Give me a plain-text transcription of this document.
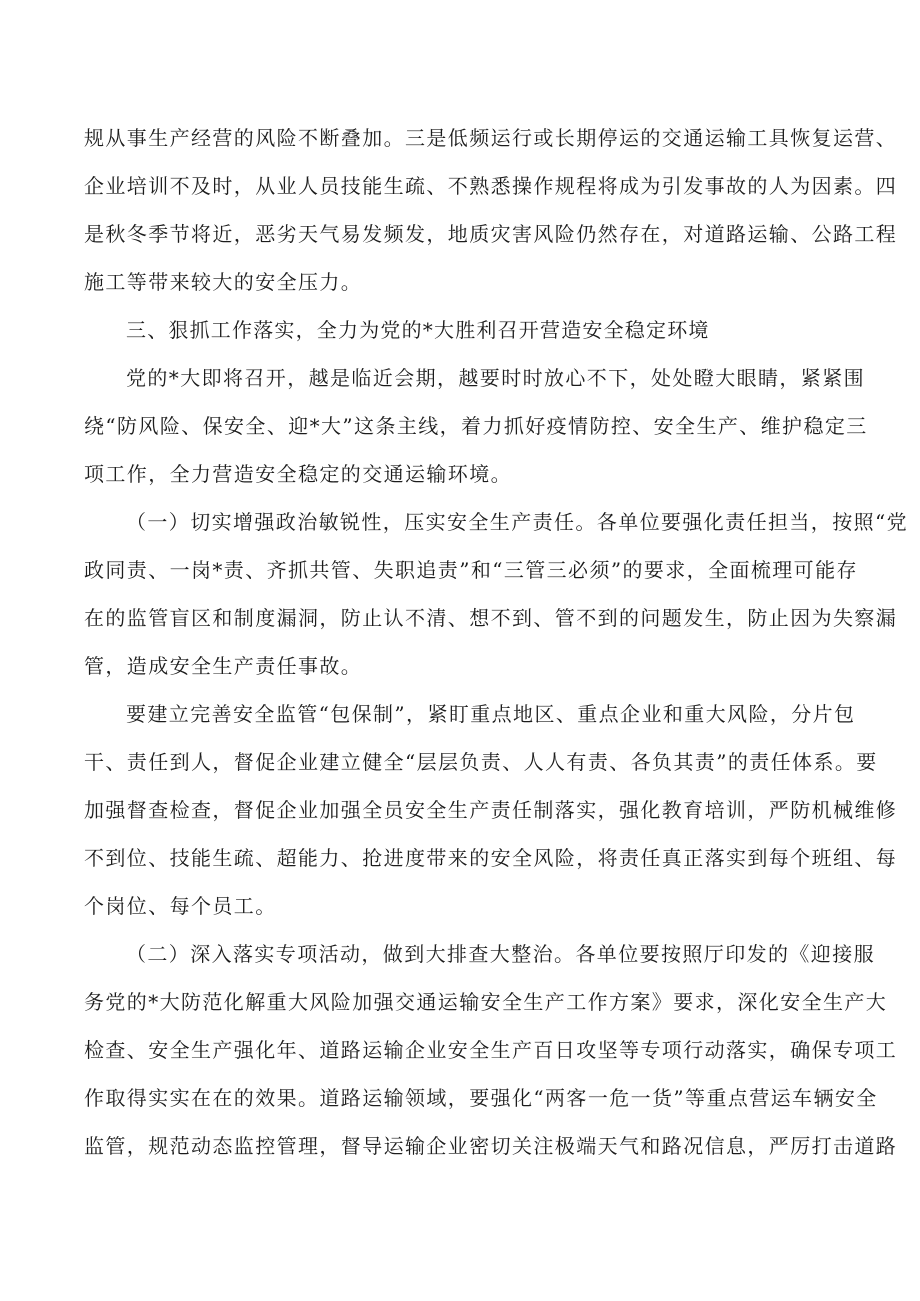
规从事生产经营的风险不断叠加。三是低频运行或长期停运的交通运输工具恢复运营、
企业培训不及时，从业人员技能生疏、不熟悉操作规程将成为引发事故的人为因素。四
是秋冬季节将近，恶劣天气易发频发，地质灾害风险仍然存在，对道路运输、公路工程
施工等带来较大的安全压力。
三、狠抓工作落实，全力为党的*大胜利召开营造安全稳定环境
党的*大即将召开，越是临近会期，越要时时放心不下，处处瞪大眼睛，紧紧围
绕“防风险、保安全、迎*大”这条主线，着力抓好疫情防控、安全生产、维护稳定三
项工作，全力营造安全稳定的交通运输环境。
（一）切实增强政治敏锐性，压实安全生产责任。各单位要强化责任担当，按照“党
政同责、一岗*责、齐抓共管、失职追责”和“三管三必须”的要求，全面梳理可能存
在的监管盲区和制度漏洞，防止认不清、想不到、管不到的问题发生，防止因为失察漏
管，造成安全生产责任事故。
要建立完善安全监管“包保制”，紧盯重点地区、重点企业和重大风险，分片包
干、责任到人，督促企业建立健全“层层负责、人人有责、各负其责”的责任体系。要
加强督查检查，督促企业加强全员安全生产责任制落实，强化教育培训，严防机械维修
不到位、技能生疏、超能力、抢进度带来的安全风险，将责任真正落实到每个班组、每
个岗位、每个员工。
（二）深入落实专项活动，做到大排查大整治。各单位要按照厅印发的《迎接服
务党的*大防范化解重大风险加强交通运输安全生产工作方案》要求，深化安全生产大
检查、安全生产强化年、道路运输企业安全生产百日攻坚等专项行动落实，确保专项工
作取得实实在在的效果。道路运输领域，要强化“两客一危一货”等重点营运车辆安全
监管，规范动态监控管理，督导运输企业密切关注极端天气和路况信息，严厉打击道路
